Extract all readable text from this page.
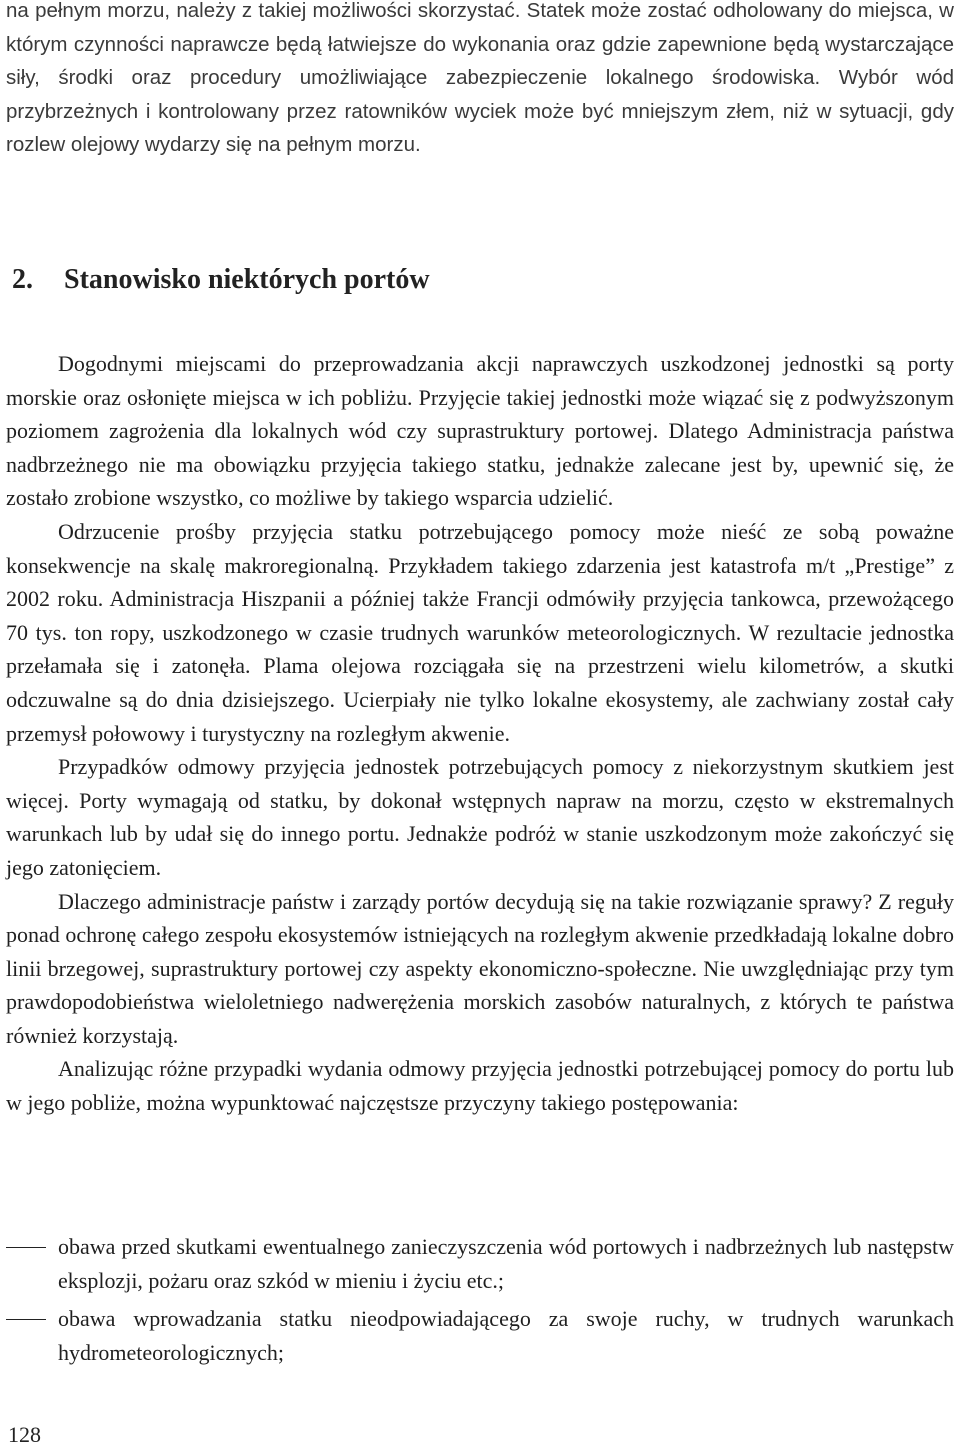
na pełnym morzu, należy z takiej możliwości skorzystać. Statek może zostać odholowany do miejsca, w którym czynności naprawcze będą łatwiejsze do wykonania oraz gdzie zapewnione będą wystarczające siły, środki oraz procedury umożliwiające zabezpieczenie lokalnego środowiska. Wybór wód przybrzeżnych i kontrolowany przez ratowników wyciek może być mniejszym złem, niż w sytuacji, gdy rozlew olejowy wydarzy się na pełnym morzu.

2. Stanowisko niektórych portów

Dogodnymi miejscami do przeprowadzania akcji naprawczych uszkodzonej jednostki są porty morskie oraz osłonięte miejsca w ich pobliżu. Przyjęcie takiej jednostki może wiązać się z podwyższonym poziomem zagrożenia dla lokalnych wód czy suprastruktury portowej. Dlatego Administracja państwa nadbrzeżnego nie ma obowiązku przyjęcia takiego statku, jednakże zalecane jest by, upewnić się, że zostało zrobione wszystko, co możliwe by takiego wsparcia udzielić.

Odrzucenie prośby przyjęcia statku potrzebującego pomocy może nieść ze sobą poważne konsekwencje na skalę makroregionalną. Przykładem takiego zdarzenia jest katastrofa m/t „Prestige” z 2002 roku. Administracja Hiszpanii a później także Francji odmówiły przyjęcia tankowca, przewożącego 70 tys. ton ropy, uszkodzonego w czasie trudnych warunków meteorologicznych. W rezultacie jednostka przełamała się i zatonęła. Plama olejowa rozciągała się na przestrzeni wielu kilometrów, a skutki odczuwalne są do dnia dzisiejszego. Ucierpiały nie tylko lokalne ekosystemy, ale zachwiany został cały przemysł połowowy i turystyczny na rozległym akwenie.

Przypadków odmowy przyjęcia jednostek potrzebujących pomocy z niekorzystnym skutkiem jest więcej. Porty wymagają od statku, by dokonał wstępnych napraw na morzu, często w ekstremalnych warunkach lub by udał się do innego portu. Jednakże podróż w stanie uszkodzonym może zakończyć się jego zatonięciem.

Dlaczego administracje państw i zarządy portów decydują się na takie rozwiązanie sprawy? Z reguły ponad ochronę całego zespołu ekosystemów istniejących na rozległym akwenie przedkładają lokalne dobro linii brzegowej, suprastruktury portowej czy aspekty ekonomiczno-społeczne. Nie uwzględniając przy tym prawdopodobieństwa wieloletniego nadwerężenia morskich zasobów naturalnych, z których te państwa również korzystają.

Analizując różne przypadki wydania odmowy przyjęcia jednostki potrzebującej pomocy do portu lub w jego pobliże, można wypunktować najczęstsze przyczyny takiego postępowania:

obawa przed skutkami ewentualnego zanieczyszczenia wód portowych i nadbrzeżnych lub następstw eksplozji, pożaru oraz szkód w mieniu i życiu etc.;
obawa wprowadzania statku nieodpowiadającego za swoje ruchy, w trudnych warunkach hydrometeorologicznych;
128
